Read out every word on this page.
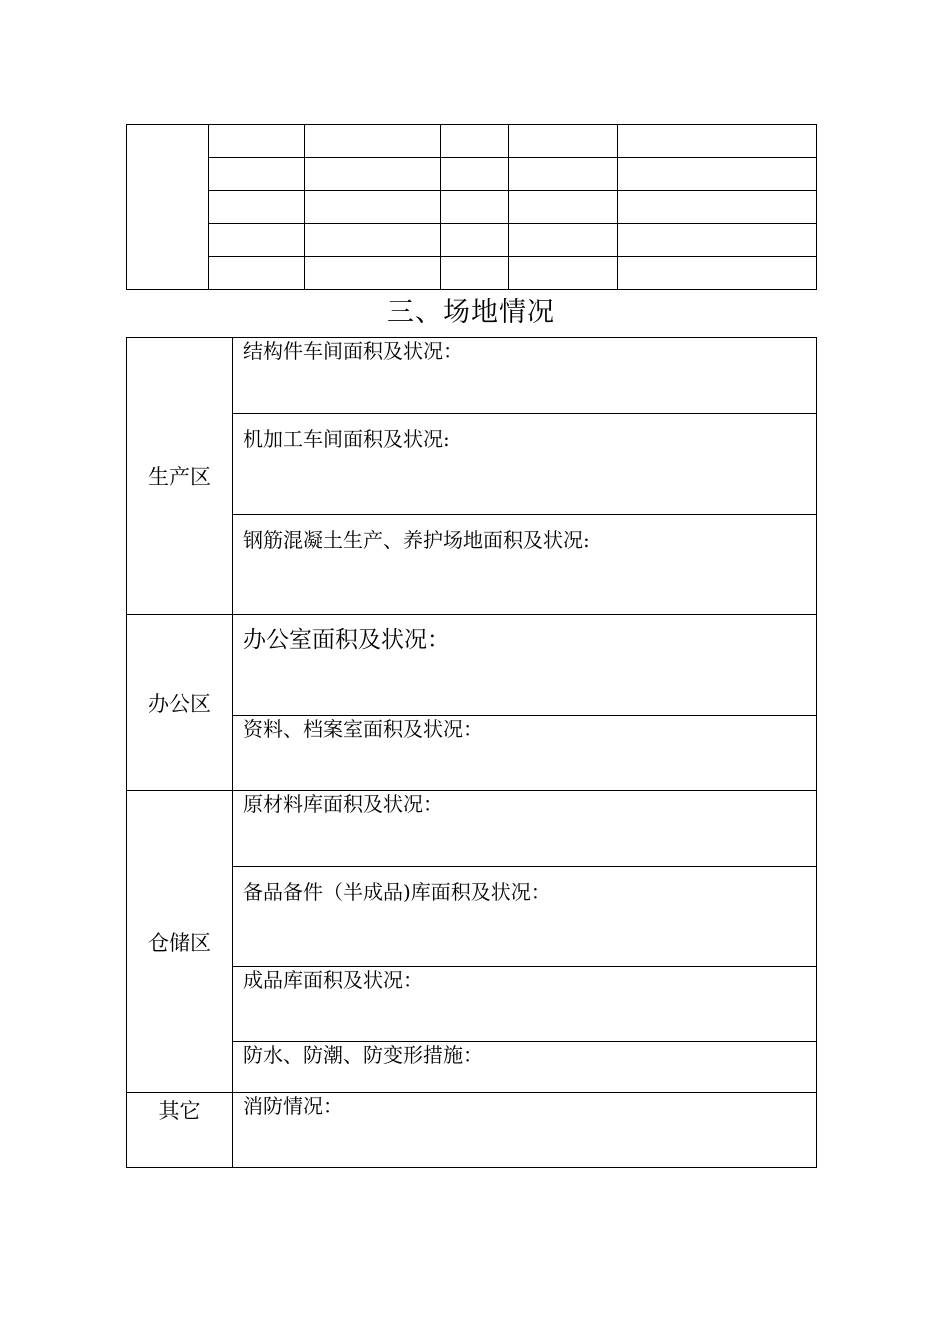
三、场地情况
生产区	结构件车间面积及状况：

	机加工车间面积及状况:

	钢筋混凝土生产、养护场地面积及状况:

办公区	办公室面积及状况：

	资料、档案室面积及状况：

仓储区	原材料库面积及状况：

	备品备件（半成品)库面积及状况：

	成品库面积及状况：

	防水、防潮、防变形措施：

其它	消防情况：
